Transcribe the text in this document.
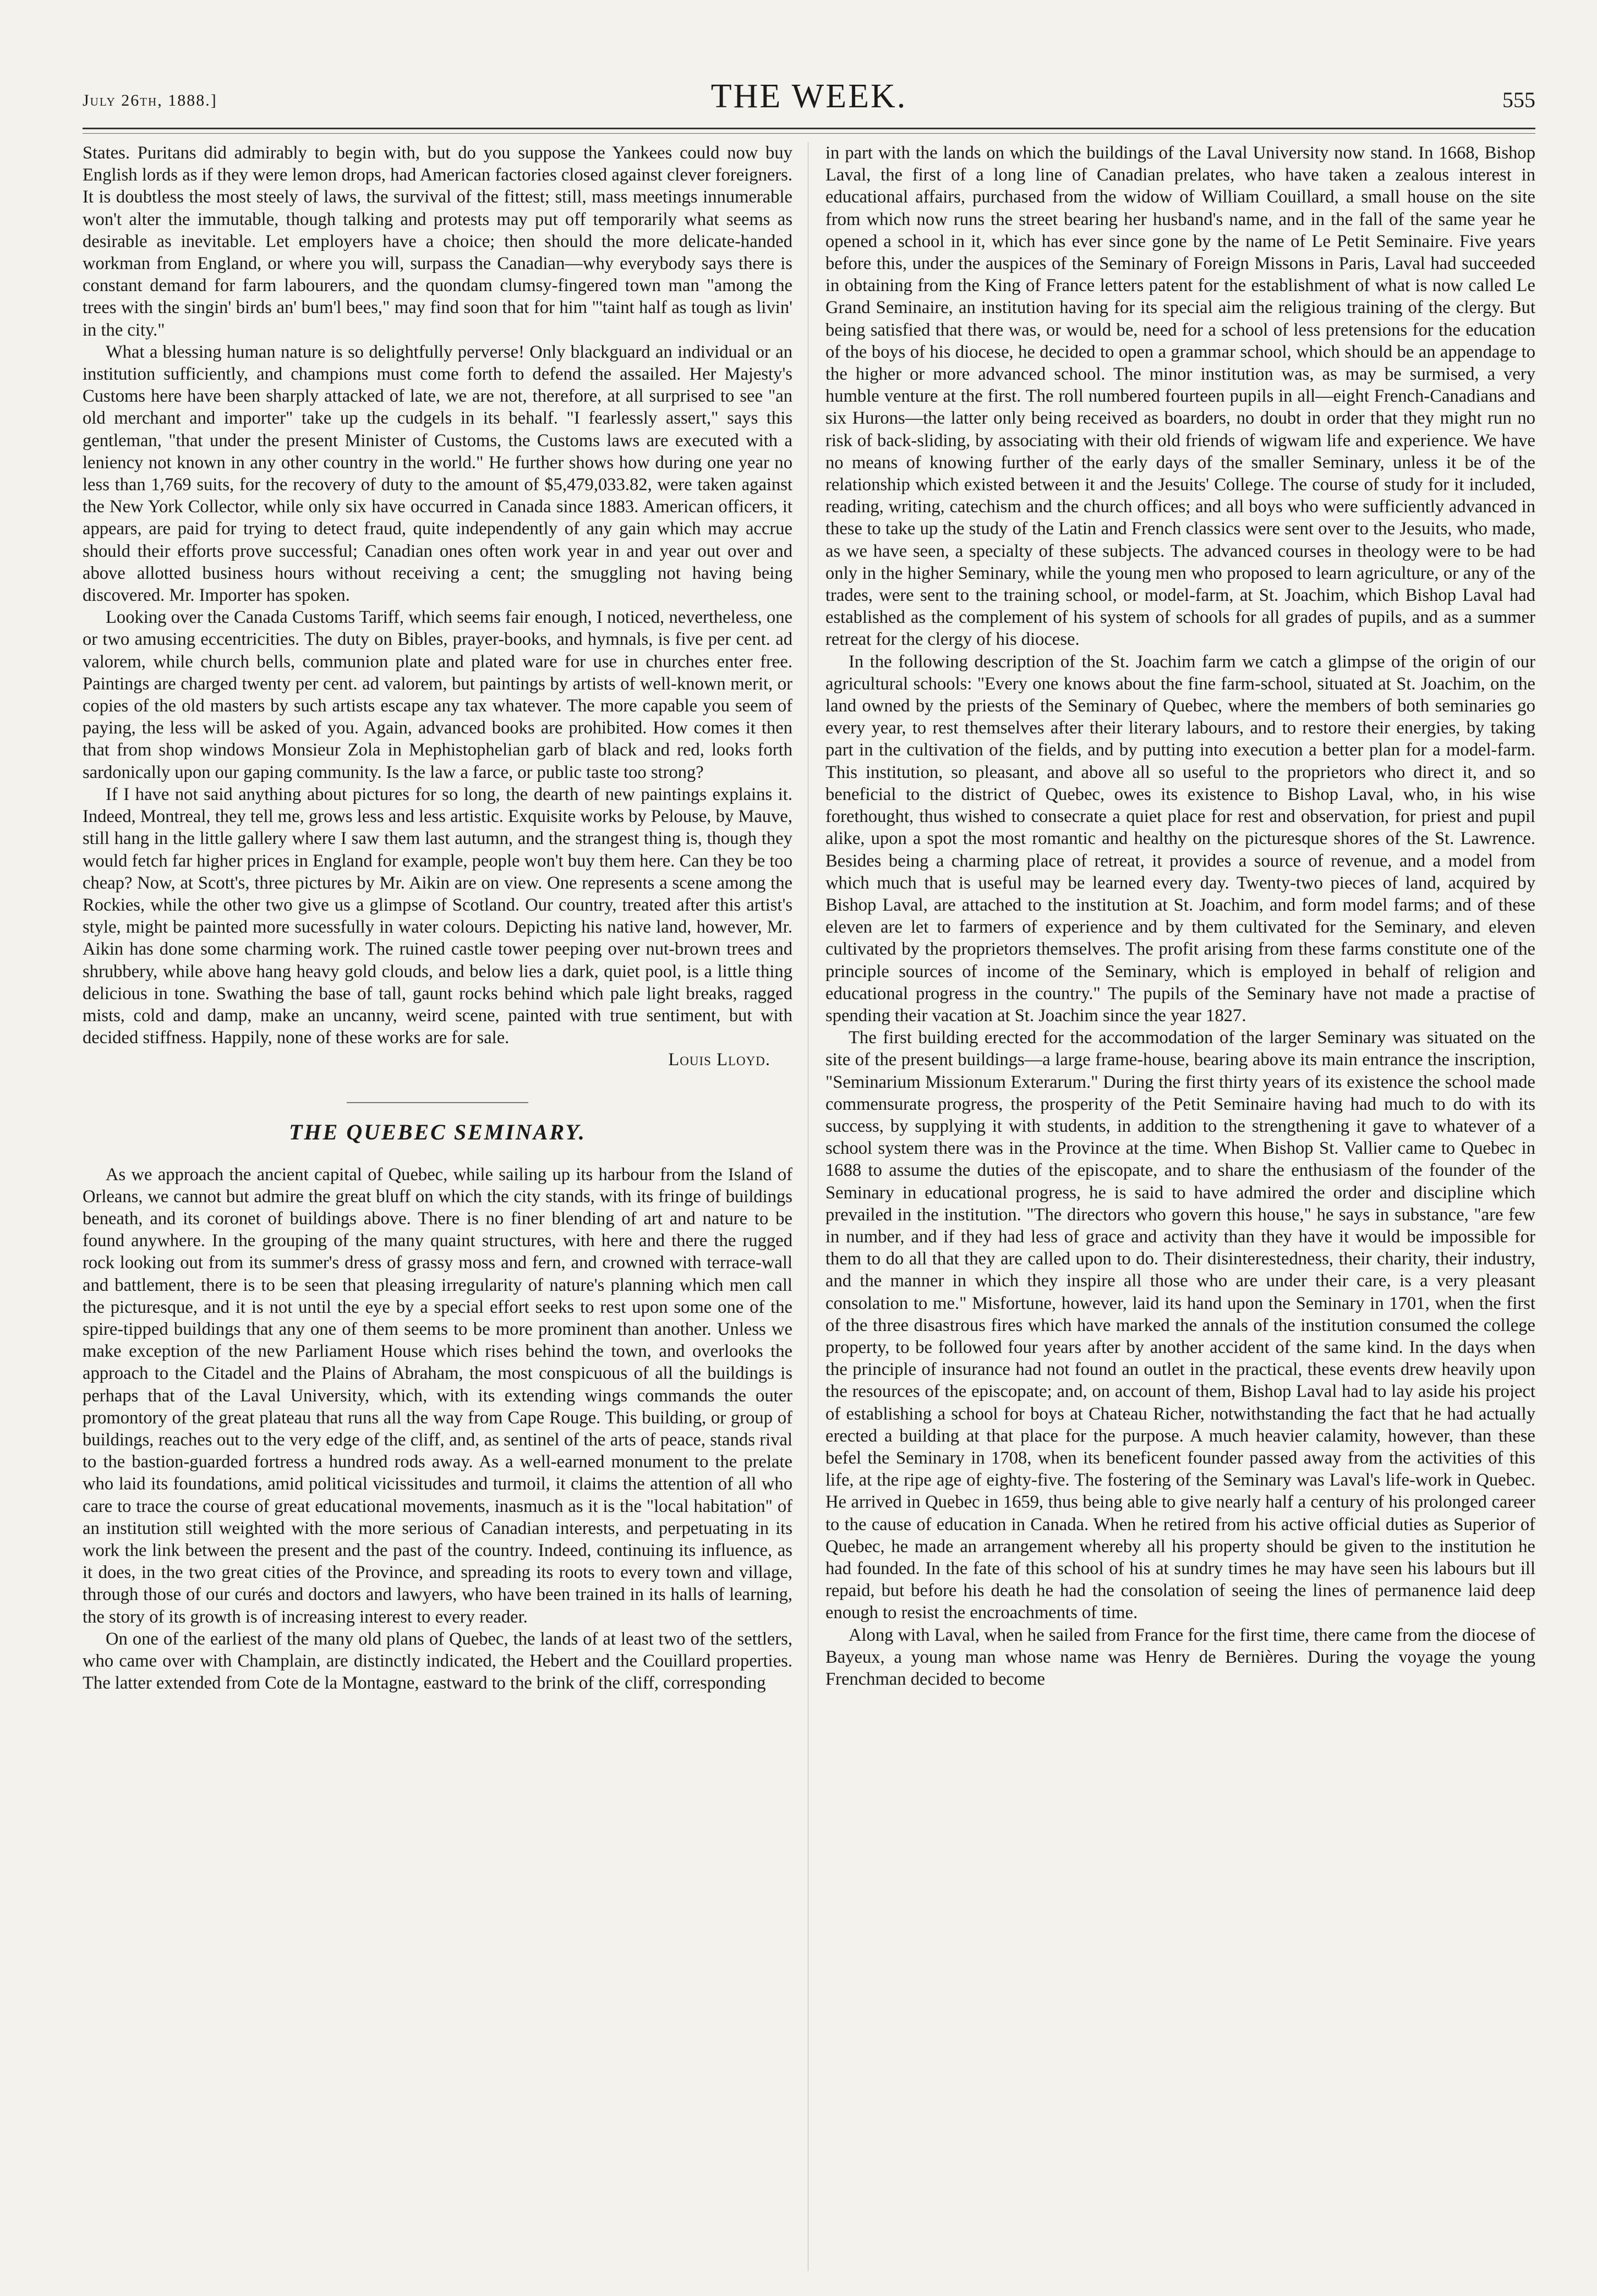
July 26th, 1888.]	THE WEEK.	555

States. Puritans did admirably to begin with, but do you suppose the Yankees could now buy English lords as if they were lemon drops, had American factories closed against clever foreigners. It is doubtless the most steely of laws, the survival of the fittest; still, mass meetings innumerable won't alter the immutable, though talking and protests may put off temporarily what seems as desirable as inevitable. Let employers have a choice; then should the more delicate-handed workman from England, or where you will, surpass the Canadian—why everybody says there is constant demand for farm labourers, and the quondam clumsy-fingered town man "among the trees with the singin' birds an' bum'l bees," may find soon that for him "'taint half as tough as livin' in the city."

What a blessing human nature is so delightfully perverse! Only blackguard an individual or an institution sufficiently, and champions must come forth to defend the assailed. Her Majesty's Customs here have been sharply attacked of late, we are not, therefore, at all surprised to see "an old merchant and importer" take up the cudgels in its behalf. "I fearlessly assert," says this gentleman, "that under the present Minister of Customs, the Customs laws are executed with a leniency not known in any other country in the world." He further shows how during one year no less than 1,769 suits, for the recovery of duty to the amount of $5,479,033.82, were taken against the New York Collector, while only six have occurred in Canada since 1883. American officers, it appears, are paid for trying to detect fraud, quite independently of any gain which may accrue should their efforts prove successful; Canadian ones often work year in and year out over and above allotted business hours without receiving a cent; the smuggling not having being discovered. Mr. Importer has spoken.

Looking over the Canada Customs Tariff, which seems fair enough, I noticed, nevertheless, one or two amusing eccentricities. The duty on Bibles, prayer-books, and hymnals, is five per cent. ad valorem, while church bells, communion plate and plated ware for use in churches enter free. Paintings are charged twenty per cent. ad valorem, but paintings by artists of well-known merit, or copies of the old masters by such artists escape any tax whatever. The more capable you seem of paying, the less will be asked of you. Again, advanced books are prohibited. How comes it then that from shop windows Monsieur Zola in Mephistophelian garb of black and red, looks forth sardonically upon our gaping community. Is the law a farce, or public taste too strong?

If I have not said anything about pictures for so long, the dearth of new paintings explains it. Indeed, Montreal, they tell me, grows less and less artistic. Exquisite works by Pelouse, by Mauve, still hang in the little gallery where I saw them last autumn, and the strangest thing is, though they would fetch far higher prices in England for example, people won't buy them here. Can they be too cheap? Now, at Scott's, three pictures by Mr. Aikin are on view. One represents a scene among the Rockies, while the other two give us a glimpse of Scotland. Our country, treated after this artist's style, might be painted more sucessfully in water colours. Depicting his native land, however, Mr. Aikin has done some charming work. The ruined castle tower peeping over nut-brown trees and shrubbery, while above hang heavy gold clouds, and below lies a dark, quiet pool, is a little thing delicious in tone. Swathing the base of tall, gaunt rocks behind which pale light breaks, ragged mists, cold and damp, make an uncanny, weird scene, painted with true sentiment, but with decided stiffness. Happily, none of these works are for sale.

Louis Lloyd.

THE QUEBEC SEMINARY.

As we approach the ancient capital of Quebec, while sailing up its harbour from the Island of Orleans, we cannot but admire the great bluff on which the city stands, with its fringe of buildings beneath, and its coronet of buildings above. There is no finer blending of art and nature to be found anywhere. In the grouping of the many quaint structures, with here and there the rugged rock looking out from its summer's dress of grassy moss and fern, and crowned with terrace-wall and battlement, there is to be seen that pleasing irregularity of nature's planning which men call the picturesque, and it is not until the eye by a special effort seeks to rest upon some one of the spire-tipped buildings that any one of them seems to be more prominent than another. Unless we make exception of the new Parliament House which rises behind the town, and overlooks the approach to the Citadel and the Plains of Abraham, the most conspicuous of all the buildings is perhaps that of the Laval University, which, with its extending wings commands the outer promontory of the great plateau that runs all the way from Cape Rouge. This building, or group of buildings, reaches out to the very edge of the cliff, and, as sentinel of the arts of peace, stands rival to the bastion-guarded fortress a hundred rods away. As a well-earned monument to the prelate who laid its foundations, amid political vicissitudes and turmoil, it claims the attention of all who care to trace the course of great educational movements, inasmuch as it is the "local habitation" of an institution still weighted with the more serious of Canadian interests, and perpetuating in its work the link between the present and the past of the country. Indeed, continuing its influence, as it does, in the two great cities of the Province, and spreading its roots to every town and village, through those of our curés and doctors and lawyers, who have been trained in its halls of learning, the story of its growth is of increasing interest to every reader.

On one of the earliest of the many old plans of Quebec, the lands of at least two of the settlers, who came over with Champlain, are distinctly indicated, the Hebert and the Couillard properties. The latter extended from Cote de la Montagne, eastward to the brink of the cliff, corresponding

in part with the lands on which the buildings of the Laval University now stand. In 1668, Bishop Laval, the first of a long line of Canadian prelates, who have taken a zealous interest in educational affairs, purchased from the widow of William Couillard, a small house on the site from which now runs the street bearing her husband's name, and in the fall of the same year he opened a school in it, which has ever since gone by the name of Le Petit Seminaire. Five years before this, under the auspices of the Seminary of Foreign Missons in Paris, Laval had succeeded in obtaining from the King of France letters patent for the establishment of what is now called Le Grand Seminaire, an institution having for its special aim the religious training of the clergy. But being satisfied that there was, or would be, need for a school of less pretensions for the education of the boys of his diocese, he decided to open a grammar school, which should be an appendage to the higher or more advanced school. The minor institution was, as may be surmised, a very humble venture at the first. The roll numbered fourteen pupils in all—eight French-Canadians and six Hurons—the latter only being received as boarders, no doubt in order that they might run no risk of back-sliding, by associating with their old friends of wigwam life and experience. We have no means of knowing further of the early days of the smaller Seminary, unless it be of the relationship which existed between it and the Jesuits' College. The course of study for it included, reading, writing, catechism and the church offices; and all boys who were sufficiently advanced in these to take up the study of the Latin and French classics were sent over to the Jesuits, who made, as we have seen, a specialty of these subjects. The advanced courses in theology were to be had only in the higher Seminary, while the young men who proposed to learn agriculture, or any of the trades, were sent to the training school, or model-farm, at St. Joachim, which Bishop Laval had established as the complement of his system of schools for all grades of pupils, and as a summer retreat for the clergy of his diocese.

In the following description of the St. Joachim farm we catch a glimpse of the origin of our agricultural schools: "Every one knows about the fine farm-school, situated at St. Joachim, on the land owned by the priests of the Seminary of Quebec, where the members of both seminaries go every year, to rest themselves after their literary labours, and to restore their energies, by taking part in the cultivation of the fields, and by putting into execution a better plan for a model-farm. This institution, so pleasant, and above all so useful to the proprietors who direct it, and so beneficial to the district of Quebec, owes its existence to Bishop Laval, who, in his wise forethought, thus wished to consecrate a quiet place for rest and observation, for priest and pupil alike, upon a spot the most romantic and healthy on the picturesque shores of the St. Lawrence. Besides being a charming place of retreat, it provides a source of revenue, and a model from which much that is useful may be learned every day. Twenty-two pieces of land, acquired by Bishop Laval, are attached to the institution at St. Joachim, and form model farms; and of these eleven are let to farmers of experience and by them cultivated for the Seminary, and eleven cultivated by the proprietors themselves. The profit arising from these farms constitute one of the principle sources of income of the Seminary, which is employed in behalf of religion and educational progress in the country." The pupils of the Seminary have not made a practise of spending their vacation at St. Joachim since the year 1827.

The first building erected for the accommodation of the larger Seminary was situated on the site of the present buildings—a large frame-house, bearing above its main entrance the inscription, "Seminarium Missionum Exterarum." During the first thirty years of its existence the school made commensurate progress, the prosperity of the Petit Seminaire having had much to do with its success, by supplying it with students, in addition to the strengthening it gave to whatever of a school system there was in the Province at the time. When Bishop St. Vallier came to Quebec in 1688 to assume the duties of the episcopate, and to share the enthusiasm of the founder of the Seminary in educational progress, he is said to have admired the order and discipline which prevailed in the institution. "The directors who govern this house," he says in substance, "are few in number, and if they had less of grace and activity than they have it would be impossible for them to do all that they are called upon to do. Their disinterestedness, their charity, their industry, and the manner in which they inspire all those who are under their care, is a very pleasant consolation to me." Misfortune, however, laid its hand upon the Seminary in 1701, when the first of the three disastrous fires which have marked the annals of the institution consumed the college property, to be followed four years after by another accident of the same kind. In the days when the principle of insurance had not found an outlet in the practical, these events drew heavily upon the resources of the episcopate; and, on account of them, Bishop Laval had to lay aside his project of establishing a school for boys at Chateau Richer, notwithstanding the fact that he had actually erected a building at that place for the purpose. A much heavier calamity, however, than these befel the Seminary in 1708, when its beneficent founder passed away from the activities of this life, at the ripe age of eighty-five. The fostering of the Seminary was Laval's life-work in Quebec. He arrived in Quebec in 1659, thus being able to give nearly half a century of his prolonged career to the cause of education in Canada. When he retired from his active official duties as Superior of Quebec, he made an arrangement whereby all his property should be given to the institution he had founded. In the fate of this school of his at sundry times he may have seen his labours but ill repaid, but before his death he had the consolation of seeing the lines of permanence laid deep enough to resist the encroachments of time.

Along with Laval, when he sailed from France for the first time, there came from the diocese of Bayeux, a young man whose name was Henry de Bernières. During the voyage the young Frenchman decided to become
